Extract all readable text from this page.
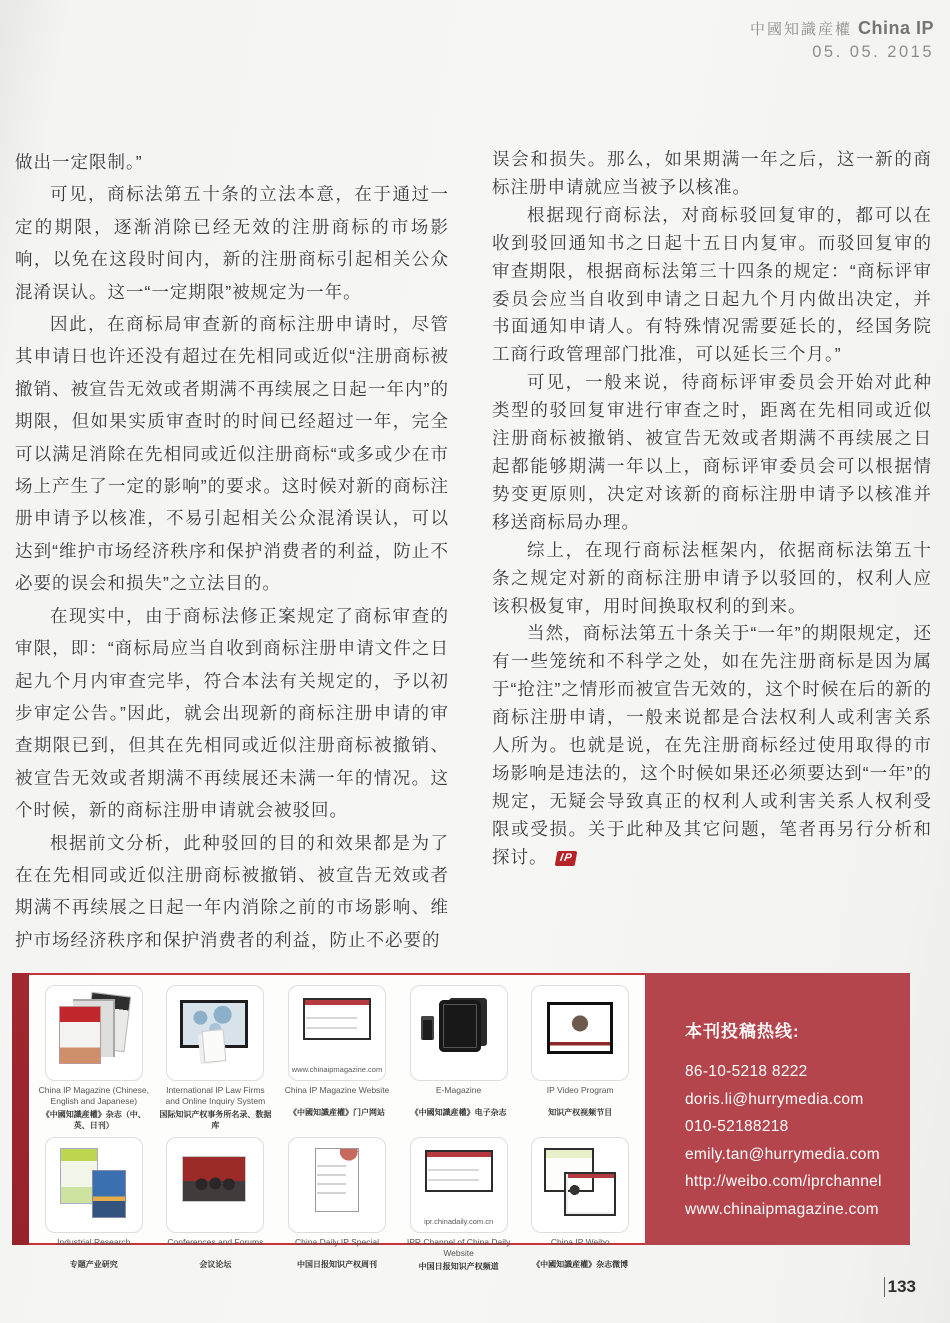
中國知識産權 China IP
05. 05. 2015

做出一定限制。”

可见，商标法第五十条的立法本意，在于通过一定的期限，逐渐消除已经无效的注册商标的市场影响，以免在这段时间内，新的注册商标引起相关公众混淆误认。这一“一定期限”被规定为一年。

因此，在商标局审查新的商标注册申请时，尽管其申请日也许还没有超过在先相同或近似“注册商标被撤销、被宣告无效或者期满不再续展之日起一年内”的期限，但如果实质审查时的时间已经超过一年，完全可以满足消除在先相同或近似注册商标“或多或少在市场上产生了一定的影响”的要求。这时候对新的商标注册申请予以核准，不易引起相关公众混淆误认，可以达到“维护市场经济秩序和保护消费者的利益，防止不必要的误会和损失”之立法目的。

在现实中，由于商标法修正案规定了商标审查的审限，即：“商标局应当自收到商标注册申请文件之日起九个月内审查完毕，符合本法有关规定的，予以初步审定公告。”因此，就会出现新的商标注册申请的审查期限已到，但其在先相同或近似注册商标被撤销、被宣告无效或者期满不再续展还未满一年的情况。这个时候，新的商标注册申请就会被驳回。

根据前文分析，此种驳回的目的和效果都是为了在在先相同或近似注册商标被撤销、被宣告无效或者期满不再续展之日起一年内消除之前的市场影响、维护市场经济秩序和保护消费者的利益，防止不必要的

误会和损失。那么，如果期满一年之后，这一新的商标注册申请就应当被予以核准。

根据现行商标法，对商标驳回复审的，都可以在收到驳回通知书之日起十五日内复审。而驳回复审的审查期限，根据商标法第三十四条的规定：“商标评审委员会应当自收到申请之日起九个月内做出决定，并书面通知申请人。有特殊情况需要延长的，经国务院工商行政管理部门批准，可以延长三个月。”

可见，一般来说，待商标评审委员会开始对此种类型的驳回复审进行审查之时，距离在先相同或近似注册商标被撤销、被宣告无效或者期满不再续展之日起都能够期满一年以上，商标评审委员会可以根据情势变更原则，决定对该新的商标注册申请予以核准并移送商标局办理。

综上，在现行商标法框架内，依据商标法第五十条之规定对新的商标注册申请予以驳回的，权利人应该积极复审，用时间换取权利的到来。

当然，商标法第五十条关于“一年”的期限规定，还有一些笼统和不科学之处，如在先注册商标是因为属于“抢注”之情形而被宣告无效的，这个时候在后的新的商标注册申请，一般来说都是合法权利人或利害关系人所为。也就是说，在先注册商标经过使用取得的市场影响是违法的，这个时候如果还必须要达到“一年”的规定，无疑会导致真正的权利人或利害关系人权利受限或受损。关于此种及其它问题，笔者再另行分析和探讨。 IP

China IP Magazine (Chinese, English and Japanese)
《中國知識産權》杂志（中、英、日刊）
International IP Law Firms and Online Inquiry System
国际知识产权事务所名录、数据库
www.chinaipmagazine.com
China IP Magazine Website
《中國知識産權》门户网站
E-Magazine
《中國知識産權》电子杂志
IP Video Program
知识产权视频节目
Industrial Research
专题产业研究
Conferences and Forums
会议论坛
China Daily IP Special
中国日报知识产权周刊
ipr.chinadaily.com.cn
IPR Channel of China Daily Website
中国日报知识产权频道
China IP Weibo
《中國知識産權》杂志微博
本刊投稿热线:
86-10-5218 8222
doris.li@hurrymedia.com
010-52188218
emily.tan@hurrymedia.com
http://weibo.com/iprchannel
www.chinaipmagazine.com
133
